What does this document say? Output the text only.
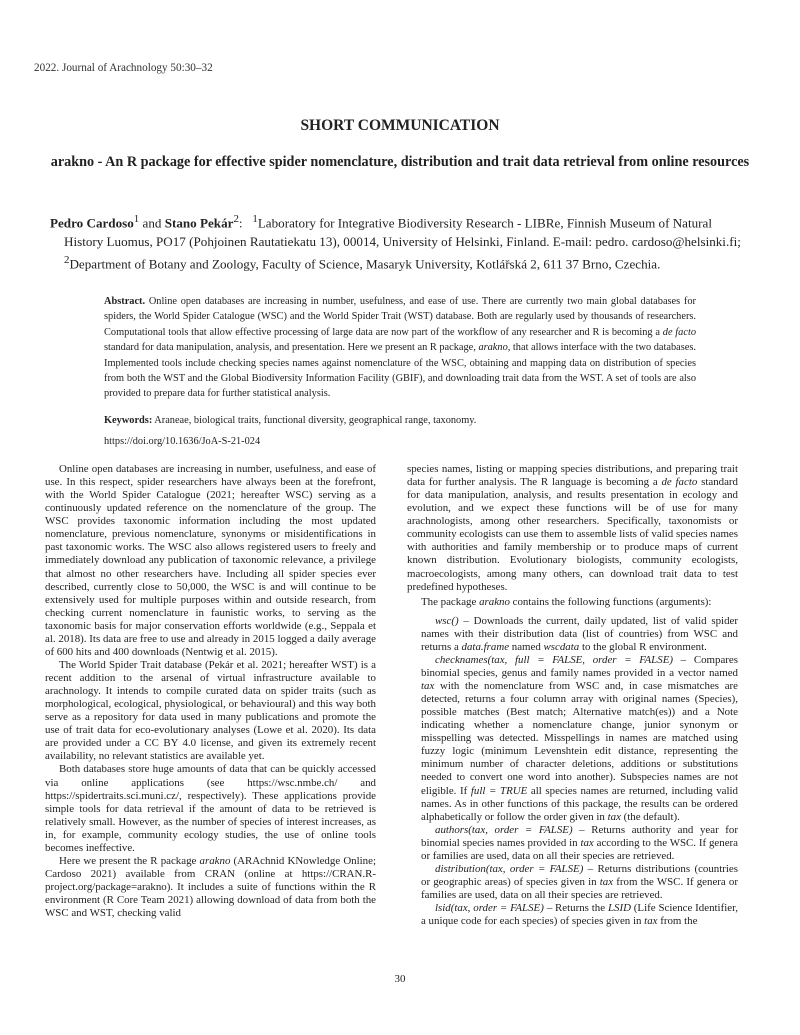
2022. Journal of Arachnology 50:30–32
SHORT COMMUNICATION
arakno - An R package for effective spider nomenclature, distribution and trait data retrieval from online resources
Pedro Cardoso$^1$ and Stano Pekár$^2$:   $^1$Laboratory for Integrative Biodiversity Research - LIBRe, Finnish Museum of Natural History Luomus, PO17 (Pohjoinen Rautatiekatu 13), 00014, University of Helsinki, Finland. E-mail: pedro. cardoso@helsinki.fi; $^2$Department of Botany and Zoology, Faculty of Science, Masaryk University, Kotlářská 2, 611 37 Brno, Czechia.
Abstract. Online open databases are increasing in number, usefulness, and ease of use. There are currently two main global databases for spiders, the World Spider Catalogue (WSC) and the World Spider Trait (WST) database. Both are regularly used by thousands of researchers. Computational tools that allow effective processing of large data are now part of the workflow of any researcher and R is becoming a de facto standard for data manipulation, analysis, and presentation. Here we present an R package, arakno, that allows interface with the two databases. Implemented tools include checking species names against nomenclature of the WSC, obtaining and mapping data on distribution of species from both the WST and the Global Biodiversity Information Facility (GBIF), and downloading trait data from the WST. A set of tools are also provided to prepare data for further statistical analysis.
Keywords: Araneae, biological traits, functional diversity, geographical range, taxonomy.
https://doi.org/10.1636/JoA-S-21-024

Online open databases are increasing in number, usefulness, and ease of use. In this respect, spider researchers have always been at the forefront, with the World Spider Catalogue (2021; hereafter WSC) serving as a continuously updated reference on the nomenclature of the group. The WSC provides taxonomic information including the most updated nomenclature, previous nomenclature, synonyms or misidentifications in past taxonomic works. The WSC also allows registered users to freely and immediately download any publication of taxonomic relevance, a privilege that almost no other researchers have. Including all spider species ever described, currently close to 50,000, the WSC is and will continue to be extensively used for multiple purposes within and outside research, from checking current nomenclature in faunistic works, to serving as the taxonomic basis for major conservation efforts worldwide (e.g., Seppala et al. 2018). Its data are free to use and already in 2015 logged a daily average of 600 hits and 400 downloads (Nentwig et al. 2015).

The World Spider Trait database (Pekár et al. 2021; hereafter WST) is a recent addition to the arsenal of virtual infrastructure available to arachnology. It intends to compile curated data on spider traits (such as morphological, ecological, physiological, or behavioural) and this way both serve as a repository for data used in many publications and promote the use of trait data for eco-evolutionary analyses (Lowe et al. 2020). Its data are provided under a CC BY 4.0 license, and given its extremely recent availability, no relevant statistics are available yet.

Both databases store huge amounts of data that can be quickly accessed via online applications (see https://wsc.nmbe.ch/ and https://spidertraits.sci.muni.cz/, respectively). These applications provide simple tools for data retrieval if the amount of data to be retrieved is relatively small. However, as the number of species of interest increases, as in, for example, community ecology studies, the use of online tools becomes ineffective.

Here we present the R package arakno (ARAchnid KNowledge Online; Cardoso 2021) available from CRAN (online at https://CRAN.R-project.org/package=arakno). It includes a suite of functions within the R environment (R Core Team 2021) allowing download of data from both the WSC and WST, checking valid

species names, listing or mapping species distributions, and preparing trait data for further analysis. The R language is becoming a de facto standard for data manipulation, analysis, and results presentation in ecology and evolution, and we expect these functions will be of use for many arachnologists, among other researchers. Specifically, taxonomists or community ecologists can use them to assemble lists of valid species names with authorities and family membership or to produce maps of current known distribution. Evolutionary biologists, community ecologists, macroecologists, among many others, can download trait data to test predefined hypotheses.

The package arakno contains the following functions (arguments):

wsc() – Downloads the current, daily updated, list of valid spider names with their distribution data (list of countries) from WSC and returns a data.frame named wscdata to the global R environment.

checknames(tax, full = FALSE, order = FALSE) – Compares binomial species, genus and family names provided in a vector named tax with the nomenclature from WSC and, in case mismatches are detected, returns a four column array with original names (Species), possible matches (Best match; Alternative match(es)) and a Note indicating whether a nomenclature change, junior synonym or misspelling was detected. Misspellings in names are matched using fuzzy logic (minimum Levenshtein edit distance, representing the minimum number of character deletions, additions or substitutions needed to convert one word into another). Subspecies names are not eligible. If full = TRUE all species names are returned, including valid names. As in other functions of this package, the results can be ordered alphabetically or follow the order given in tax (the default).

authors(tax, order = FALSE) – Returns authority and year for binomial species names provided in tax according to the WSC. If genera or families are used, data on all their species are retrieved.

distribution(tax, order = FALSE) – Returns distributions (countries or geographic areas) of species given in tax from the WSC. If genera or families are used, data on all their species are retrieved.

lsid(tax, order = FALSE) – Returns the LSID (Life Science Identifier, a unique code for each species) of species given in tax from the

30
